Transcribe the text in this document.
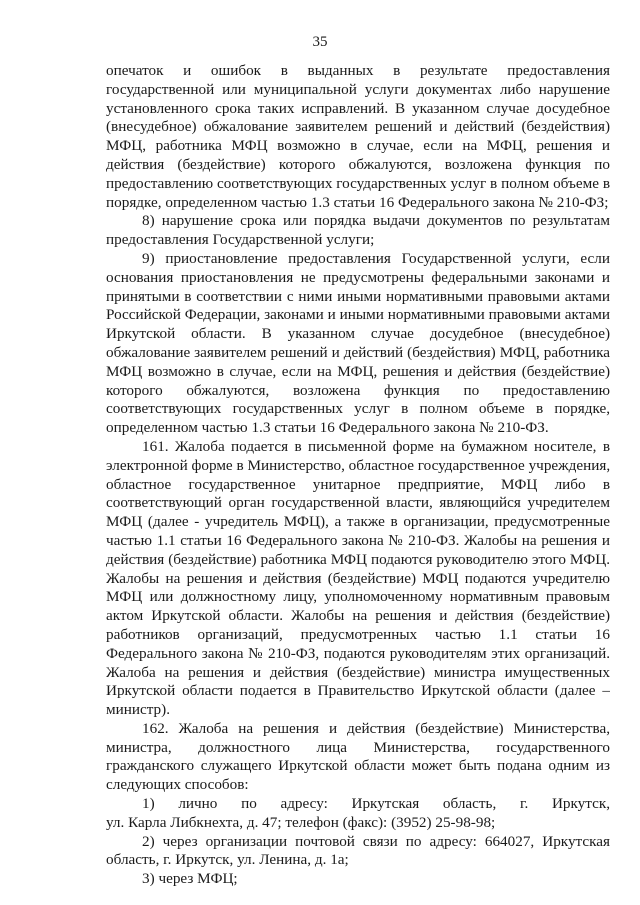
35
опечаток и ошибок в выданных в результате предоставления
государственной или муниципальной услуги документах либо нарушение
установленного срока таких исправлений. В указанном случае досудебное
(внесудебное) обжалование заявителем решений и действий (бездействия)
МФЦ, работника МФЦ возможно в случае, если на МФЦ, решения и
действия (бездействие) которого обжалуются, возложена функция по
предоставлению соответствующих государственных услуг в полном объеме в
порядке, определенном частью 1.3 статьи 16 Федерального закона № 210-ФЗ;
8) нарушение срока или порядка выдачи документов по результатам
предоставления Государственной услуги;
9) приостановление предоставления Государственной услуги, если
основания приостановления не предусмотрены федеральными законами и
принятыми в соответствии с ними иными нормативными правовыми актами
Российской Федерации, законами и иными нормативными правовыми актами
Иркутской области. В указанном случае досудебное (внесудебное)
обжалование заявителем решений и действий (бездействия) МФЦ, работника
МФЦ возможно в случае, если на МФЦ, решения и действия (бездействие)
которого обжалуются, возложена функция по предоставлению
соответствующих государственных услуг в полном объеме в порядке,
определенном частью 1.3 статьи 16 Федерального закона № 210-ФЗ.
161. Жалоба подается в письменной форме на бумажном носителе, в
электронной форме в Министерство, областное государственное учреждения,
областное государственное унитарное предприятие, МФЦ либо в
соответствующий орган государственной власти, являющийся учредителем
МФЦ (далее - учредитель МФЦ), а также в организации, предусмотренные
частью 1.1 статьи 16 Федерального закона № 210-ФЗ. Жалобы на решения и
действия (бездействие) работника МФЦ подаются руководителю этого МФЦ.
Жалобы на решения и действия (бездействие) МФЦ подаются учредителю
МФЦ или должностному лицу, уполномоченному нормативным правовым
актом Иркутской области. Жалобы на решения и действия (бездействие)
работников организаций, предусмотренных частью 1.1 статьи 16
Федерального закона № 210-ФЗ, подаются руководителям этих организаций.
Жалоба на решения и действия (бездействие) министра имущественных
Иркутской области подается в Правительство Иркутской области (далее –
министр).
162. Жалоба на решения и действия (бездействие) Министерства,
министра, должностного лица Министерства, государственного
гражданского служащего Иркутской области может быть подана одним из
следующих способов:
1) лично по адресу: Иркутская область, г. Иркутск,
ул. Карла Либкнехта, д. 47; телефон (факс): (3952) 25-98-98;
2) через организации почтовой связи по адресу: 664027, Иркутская
область, г. Иркутск, ул. Ленина, д. 1а;
3) через МФЦ;
